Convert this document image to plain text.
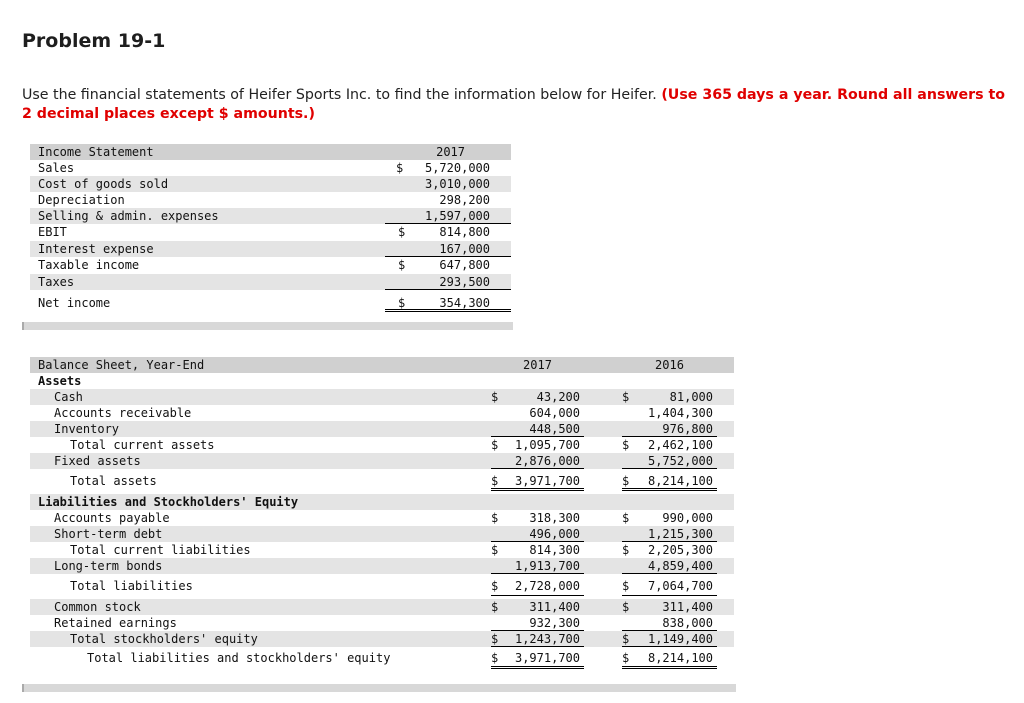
Problem 19-1
Use the financial statements of Heifer Sports Inc. to find the information below for Heifer. (Use 365 days a year. Round all answers to 2 decimal places except $ amounts.)
Income Statement	2017
Sales	$ 5,720,000
Cost of goods sold	3,010,000
Depreciation	298,200
Selling & admin. expenses	1,597,000
EBIT	$	814,800
Interest expense	167,000
Taxable income	$	647,800
Taxes	293,500
Net income	$	354,300
Balance Sheet, Year-End	2017	2016
Assets
Cash	$	43,200	$	81,000
Accounts receivable	604,000	1,404,300
Inventory	448,500	976,800
Total current assets	$ 1,095,700	$ 2,462,100
Fixed assets	2,876,000	5,752,000
Total assets	$ 3,971,700	$ 8,214,100
Liabilities and Stockholders' Equity
Accounts payable	$	318,300	$	990,000
Short-term debt	496,000	1,215,300
Total current liabilities	$	814,300	$ 2,205,300
Long-term bonds	1,913,700	4,859,400
Total liabilities	$ 2,728,000	$ 7,064,700
Common stock	$	311,400	$	311,400
Retained earnings	932,300	838,000
Total stockholders' equity	$ 1,243,700	$ 1,149,400
Total liabilities and stockholders' equity	$ 3,971,700	$ 8,214,100
